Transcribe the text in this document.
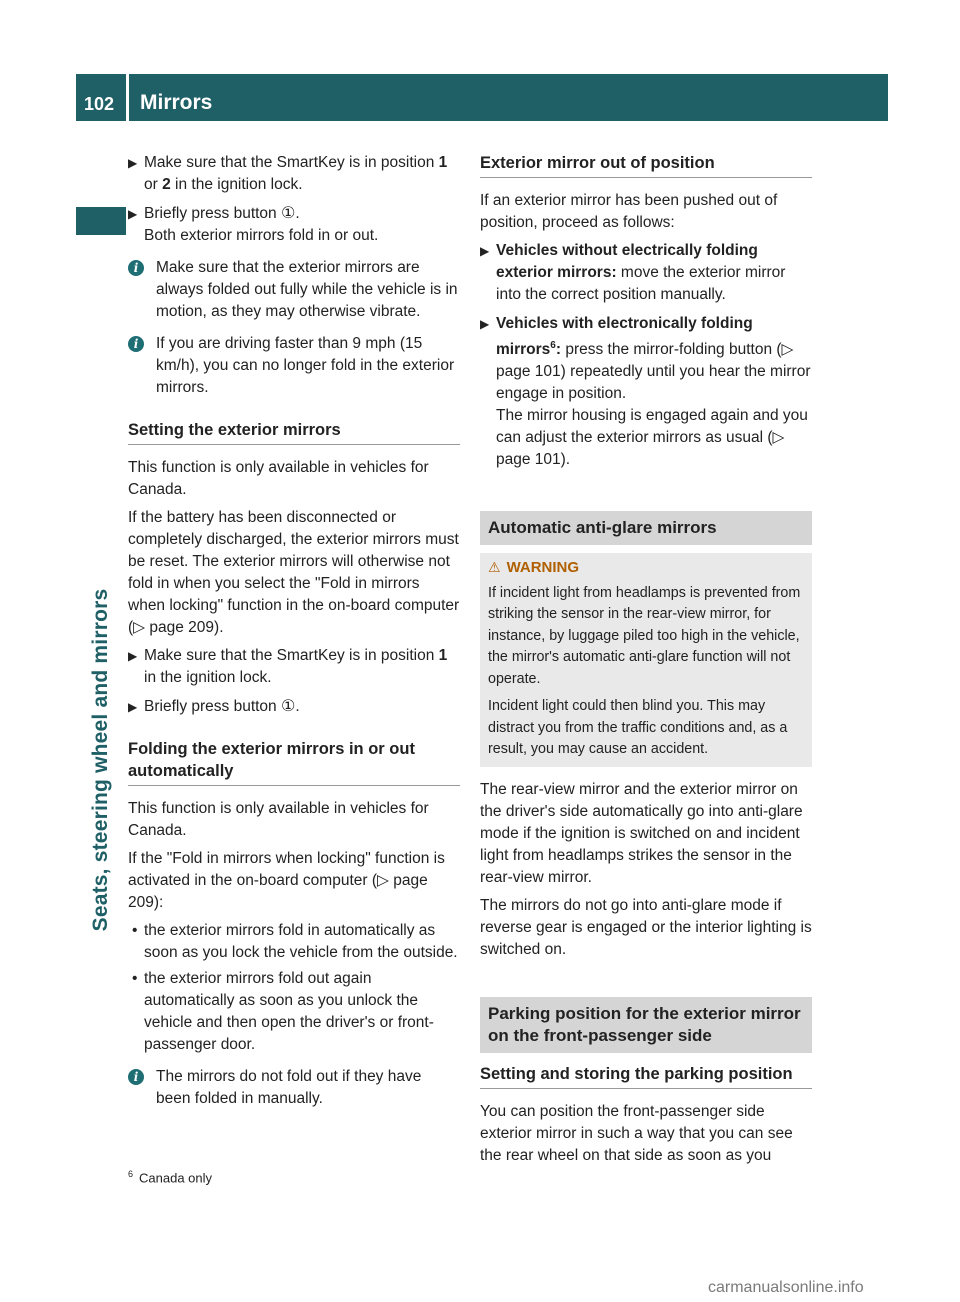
102 Mirrors
Seats, steering wheel and mirrors
▶ Make sure that the SmartKey is in position 1 or 2 in the ignition lock.
▶ Briefly press button ①.
Both exterior mirrors fold in or out.
i	Make sure that the exterior mirrors are always folded out fully while the vehicle is in motion, as they may otherwise vibrate.
i	If you are driving faster than 9 mph (15 km/h), you can no longer fold in the exterior mirrors.
Setting the exterior mirrors

This function is only available in vehicles for Canada.

If the battery has been disconnected or completely discharged, the exterior mirrors must be reset. The exterior mirrors will otherwise not fold in when you select the "Fold in mirrors when locking" function in the on-board computer (▷ page 209).

▶ Make sure that the SmartKey is in position 1 in the ignition lock.
▶ Briefly press button ①.
Folding the exterior mirrors in or out automatically

This function is only available in vehicles for Canada.

If the "Fold in mirrors when locking" function is activated in the on-board computer (▷ page 209):

• the exterior mirrors fold in automatically as soon as you lock the vehicle from the outside.
• the exterior mirrors fold out again automatically as soon as you unlock the vehicle and then open the driver's or front-passenger door.
i	The mirrors do not fold out if they have been folded in manually.
Exterior mirror out of position

If an exterior mirror has been pushed out of position, proceed as follows:

▶ Vehicles without electrically folding exterior mirrors: move the exterior mirror into the correct position manually.
▶ Vehicles with electronically folding mirrors$^6$: press the mirror-folding button (▷ page 101) repeatedly until you hear the mirror engage in position.
The mirror housing is engaged again and you can adjust the exterior mirrors as usual (▷ page 101).
Automatic anti-glare mirrors
⚠ WARNING

If incident light from headlamps is prevented from striking the sensor in the rear-view mirror, for instance, by luggage piled too high in the vehicle, the mirror's automatic anti-glare function will not operate.

Incident light could then blind you. This may distract you from the traffic conditions and, as a result, you may cause an accident.

The rear-view mirror and the exterior mirror on the driver's side automatically go into anti-glare mode if the ignition is switched on and incident light from headlamps strikes the sensor in the rear-view mirror.

The mirrors do not go into anti-glare mode if reverse gear is engaged or the interior lighting is switched on.

Parking position for the exterior mirror on the front-passenger side
Setting and storing the parking position

You can position the front-passenger side exterior mirror in such a way that you can see the rear wheel on that side as soon as you

$^6$ Canada only
carmanualsonline.info
